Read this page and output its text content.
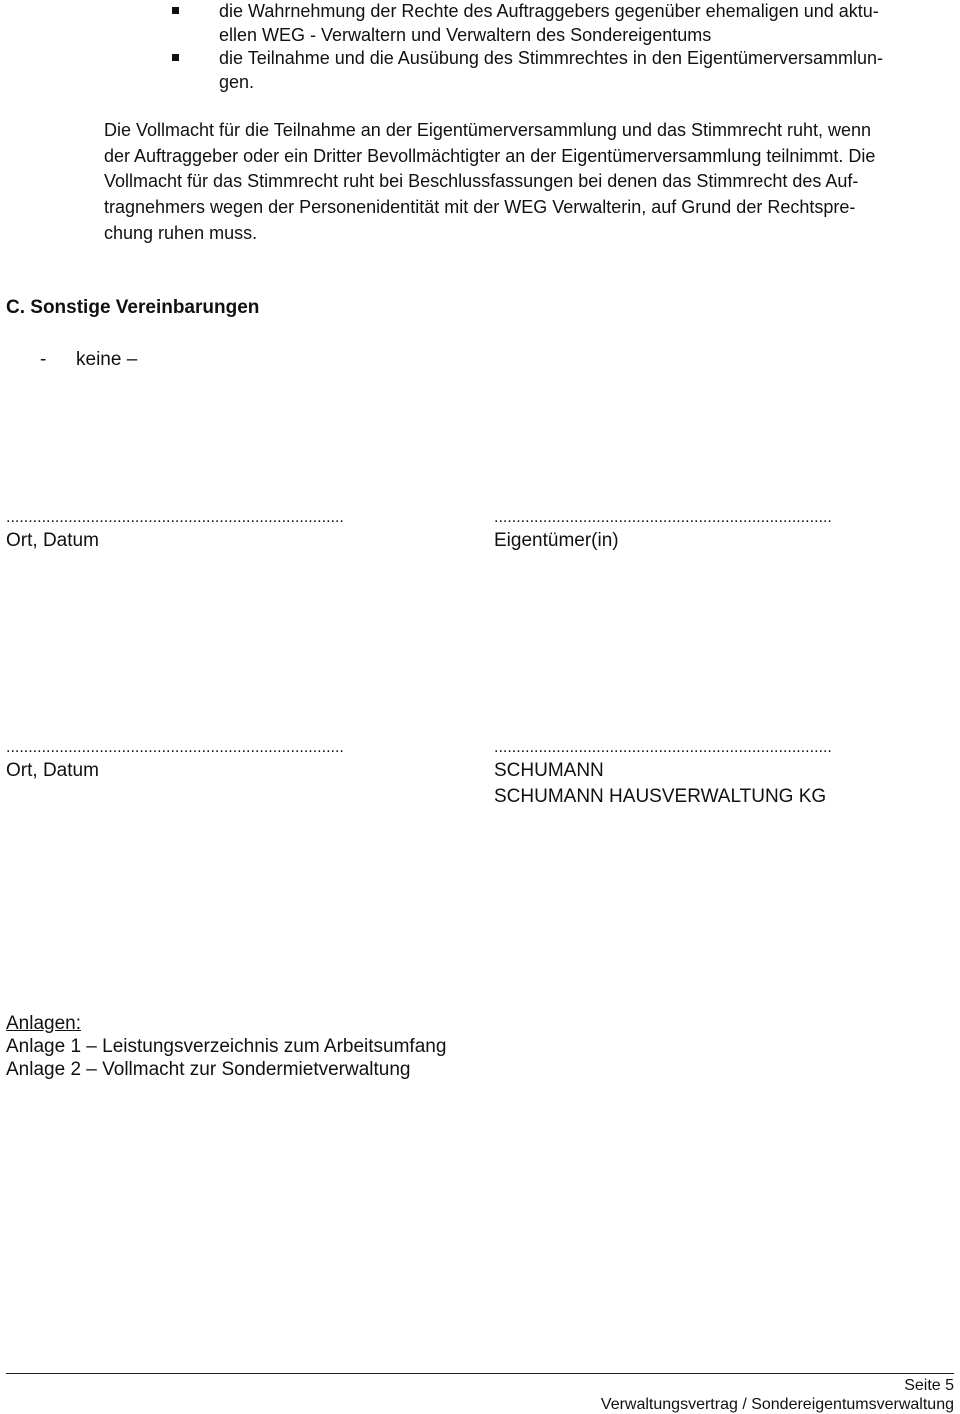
die Wahrnehmung der Rechte des Auftraggebers gegenüber ehemaligen und aktu-
ellen WEG - Verwaltern und Verwaltern des Sondereigentums
die Teilnahme und die Ausübung des Stimmrechtes in den Eigentümerversammlun-
gen.
Die Vollmacht für die Teilnahme an der Eigentümerversammlung und das Stimmrecht ruht, wenn
der Auftraggeber oder ein Dritter Bevollmächtigter an der Eigentümerversammlung teilnimmt. Die
Vollmacht für das Stimmrecht ruht bei Beschlussfassungen bei denen das Stimmrecht des Auf-
tragnehmers wegen der Personenidentität mit der WEG Verwalterin, auf Grund der Rechtspre-
chung ruhen muss.
C. Sonstige Vereinbarungen
- keine –
............................................................................	............................................................................
Ort, Datum	Eigentümer(in)
............................................................................	............................................................................
Ort, Datum	SCHUMANN
SCHUMANN HAUSVERWALTUNG KG
Anlagen:
Anlage 1 – Leistungsverzeichnis zum Arbeitsumfang
Anlage 2 – Vollmacht zur Sondermietverwaltung
Seite 5
Verwaltungsvertrag / Sondereigentumsverwaltung
